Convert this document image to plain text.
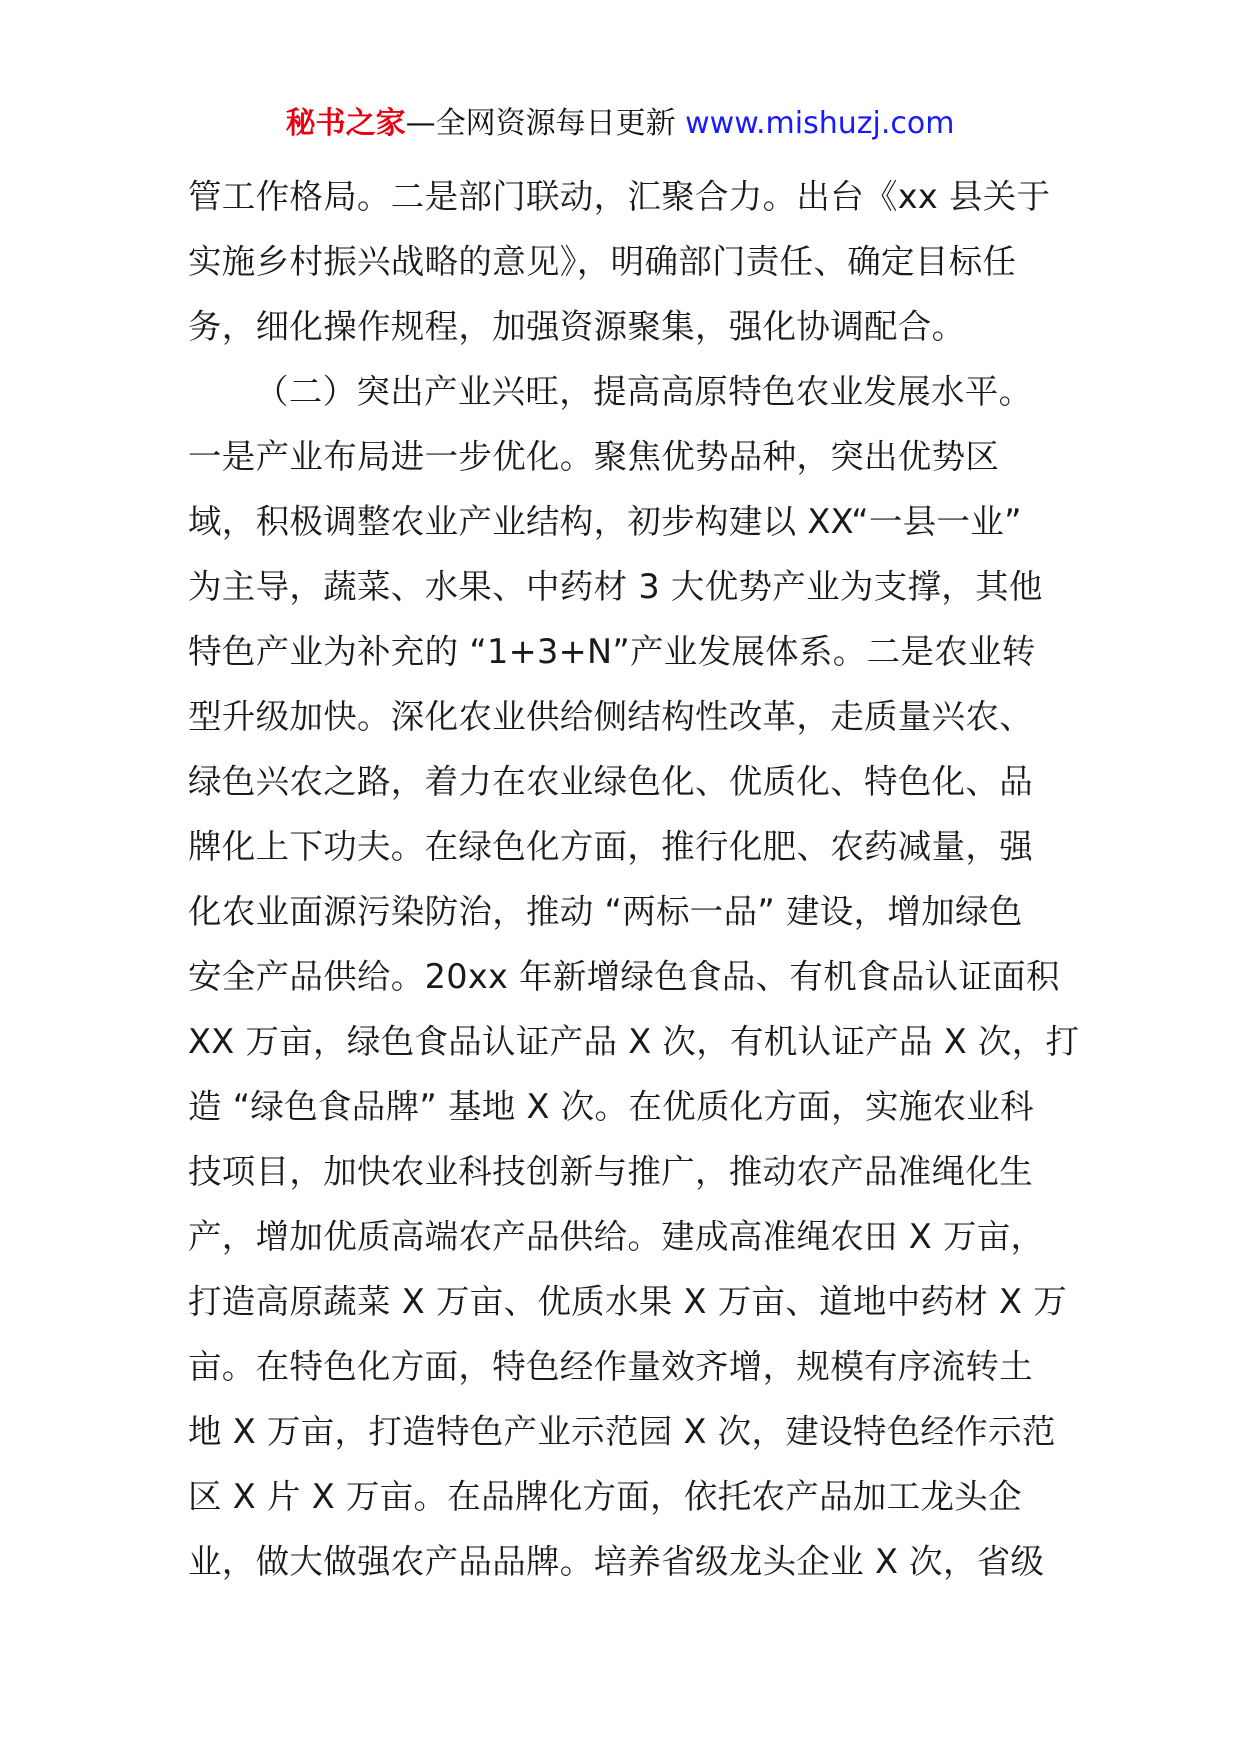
秘书之家—全网资源每日更新 www.mishuzj.com
管工作格局。二是部门联动，汇聚合力。出台《xx 县关于
实施乡村振兴战略的意见》，明确部门责任、确定目标任
务，细化操作规程，加强资源聚集，强化协调配合。
（二）突出产业兴旺，提高高原特色农业发展水平。
一是产业布局进一步优化。聚焦优势品种，突出优势区
域，积极调整农业产业结构，初步构建以 XX“一县一业”
为主导，蔬菜、水果、中药材 3 大优势产业为支撑，其他
特色产业为补充的 “1+3+N”产业发展体系。二是农业转
型升级加快。深化农业供给侧结构性改革，走质量兴农、
绿色兴农之路，着力在农业绿色化、优质化、特色化、品
牌化上下功夫。在绿色化方面，推行化肥、农药减量，强
化农业面源污染防治，推动 “两标一品” 建设，增加绿色
安全产品供给。20xx 年新增绿色食品、有机食品认证面积
XX 万亩，绿色食品认证产品 X 次，有机认证产品 X 次，打
造 “绿色食品牌” 基地 X 次。在优质化方面，实施农业科
技项目，加快农业科技创新与推广，推动农产品准绳化生
产，增加优质高端农产品供给。建成高准绳农田 X 万亩，
打造高原蔬菜 X 万亩、优质水果 X 万亩、道地中药材 X 万
亩。在特色化方面，特色经作量效齐增，规模有序流转土
地 X 万亩，打造特色产业示范园 X 次，建设特色经作示范
区 X 片 X 万亩。在品牌化方面，依托农产品加工龙头企
业，做大做强农产品品牌。培养省级龙头企业 X 次，省级
